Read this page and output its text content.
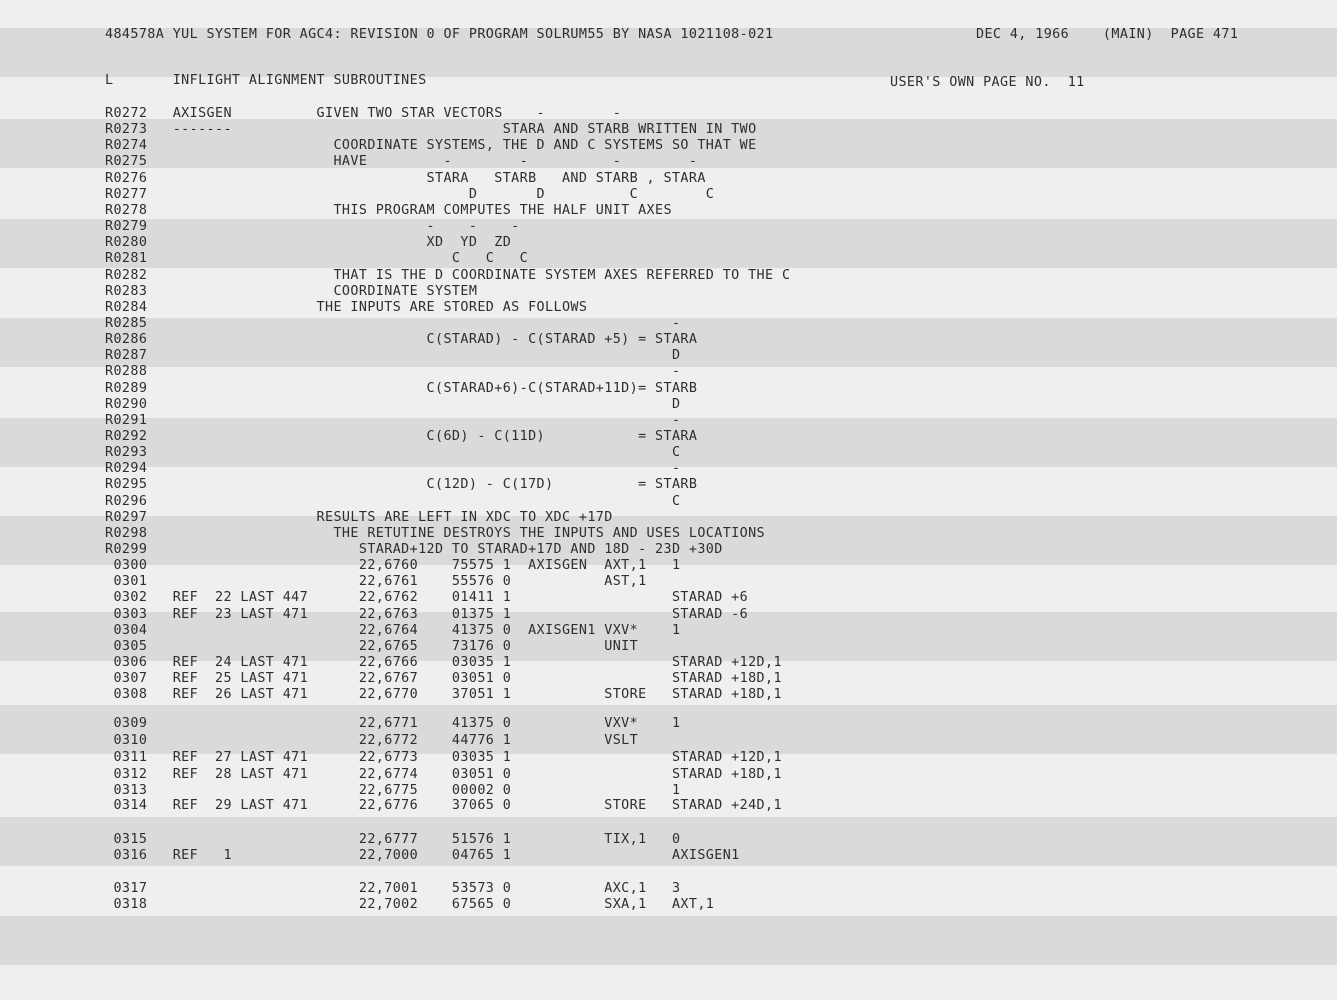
484578A YUL SYSTEM FOR AGC4: REVISION 0 OF PROGRAM SOLRUM55 BY NASA 1021108-021	DEC 4, 1966    (MAIN)  PAGE 471
L       INFLIGHT ALIGNMENT SUBROUTINES	USER'S OWN PAGE NO.  11
R0272   AXISGEN          GIVEN TWO STAR VECTORS    -        -
R0273   -------                                STARA AND STARB WRITTEN IN TWO
R0274                      COORDINATE SYSTEMS, THE D AND C SYSTEMS SO THAT WE
R0275                      HAVE         -        -          -        -
R0276                                 STARA   STARB   AND STARB , STARA
R0277                                      D       D          C        C
R0278                      THIS PROGRAM COMPUTES THE HALF UNIT AXES
R0279                                 -    -    -
R0280                                 XD  YD  ZD
R0281                                    C   C   C
R0282                      THAT IS THE D COORDINATE SYSTEM AXES REFERRED TO THE C
R0283                      COORDINATE SYSTEM
R0284                    THE INPUTS ARE STORED AS FOLLOWS
R0285                                                              -
R0286                                 C(STARAD) - C(STARAD +5) = STARA
R0287                                                              D
R0288                                                              -
R0289                                 C(STARAD+6)-C(STARAD+11D)= STARB
R0290                                                              D
R0291                                                              -
R0292                                 C(6D) - C(11D)           = STARA
R0293                                                              C
R0294                                                              -
R0295                                 C(12D) - C(17D)          = STARB
R0296                                                              C
R0297                    RESULTS ARE LEFT IN XDC TO XDC +17D
R0298                      THE RETUTINE DESTROYS THE INPUTS AND USES LOCATIONS
R0299                         STARAD+12D TO STARAD+17D AND 18D - 23D +30D
0300                         22,6760    75575 1  AXISGEN  AXT,1   1
0301                         22,6761    55576 0           AST,1
0302   REF  22 LAST 447      22,6762    01411 1                   STARAD +6
0303   REF  23 LAST 471      22,6763    01375 1                   STARAD -6
0304                         22,6764    41375 0  AXISGEN1 VXV*    1
0305                         22,6765    73176 0           UNIT
0306   REF  24 LAST 471      22,6766    03035 1                   STARAD +12D,1
0307   REF  25 LAST 471      22,6767    03051 0                   STARAD +18D,1
0308   REF  26 LAST 471      22,6770    37051 1           STORE   STARAD +18D,1
0309                         22,6771    41375 0           VXV*    1
0310                         22,6772    44776 1           VSLT
0311   REF  27 LAST 471      22,6773    03035 1                   STARAD +12D,1
0312   REF  28 LAST 471      22,6774    03051 0                   STARAD +18D,1
0313                         22,6775    00002 0                   1
0314   REF  29 LAST 471      22,6776    37065 0           STORE   STARAD +24D,1
0315                         22,6777    51576 1           TIX,1   0
0316   REF   1               22,7000    04765 1                   AXISGEN1
0317                         22,7001    53573 0           AXC,1   3
0318                         22,7002    67565 0           SXA,1   AXT,1
